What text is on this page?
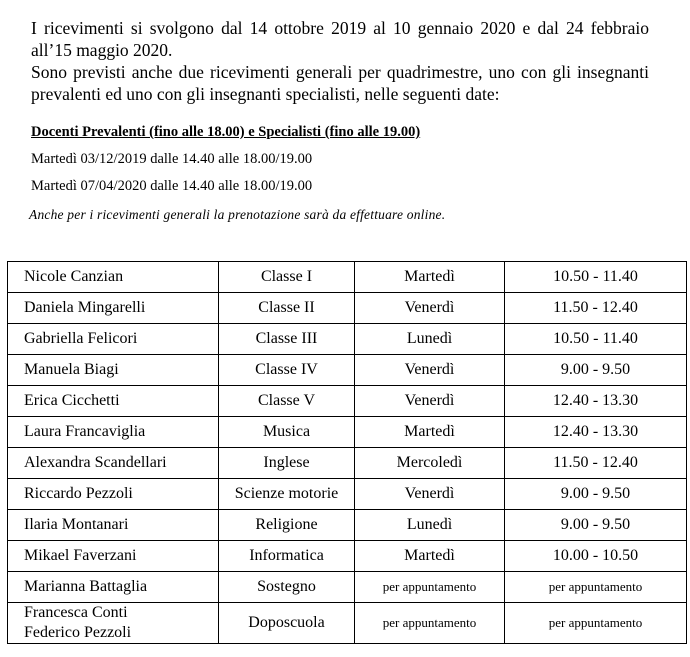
I ricevimenti si svolgono dal 14 ottobre 2019 al 10 gennaio 2020 e dal 24 febbraio all’15 maggio 2020.

Sono previsti anche due ricevimenti generali per quadrimestre, uno con gli insegnanti prevalenti ed uno con gli insegnanti specialisti, nelle seguenti date:

Docenti Prevalenti (fino alle 18.00) e Specialisti (fino alle 19.00)
Martedì 03/12/2019 dalle 14.40 alle 18.00/19.00
Martedì 07/04/2020 dalle 14.40 alle 18.00/19.00
Anche per i ricevimenti generali la prenotazione sarà da effettuare online.
Nicole Canzian	Classe I	Martedì	10.50 - 11.40
Daniela Mingarelli	Classe II	Venerdì	11.50 - 12.40
Gabriella Felicori	Classe III	Lunedì	10.50 - 11.40
Manuela Biagi	Classe IV	Venerdì	9.00 - 9.50
Erica Cicchetti	Classe V	Venerdì	12.40 - 13.30
Laura Francaviglia	Musica	Martedì	12.40 - 13.30
Alexandra Scandellari	Inglese	Mercoledì	11.50 - 12.40
Riccardo Pezzoli	Scienze motorie	Venerdì	9.00 - 9.50
Ilaria Montanari	Religione	Lunedì	9.00 - 9.50
Mikael Faverzani	Informatica	Martedì	10.00 - 10.50
Marianna Battaglia	Sostegno	per appuntamento	per appuntamento

Francesca Conti
Federico Pezzoli	Doposcuola	per appuntamento	per appuntamento
